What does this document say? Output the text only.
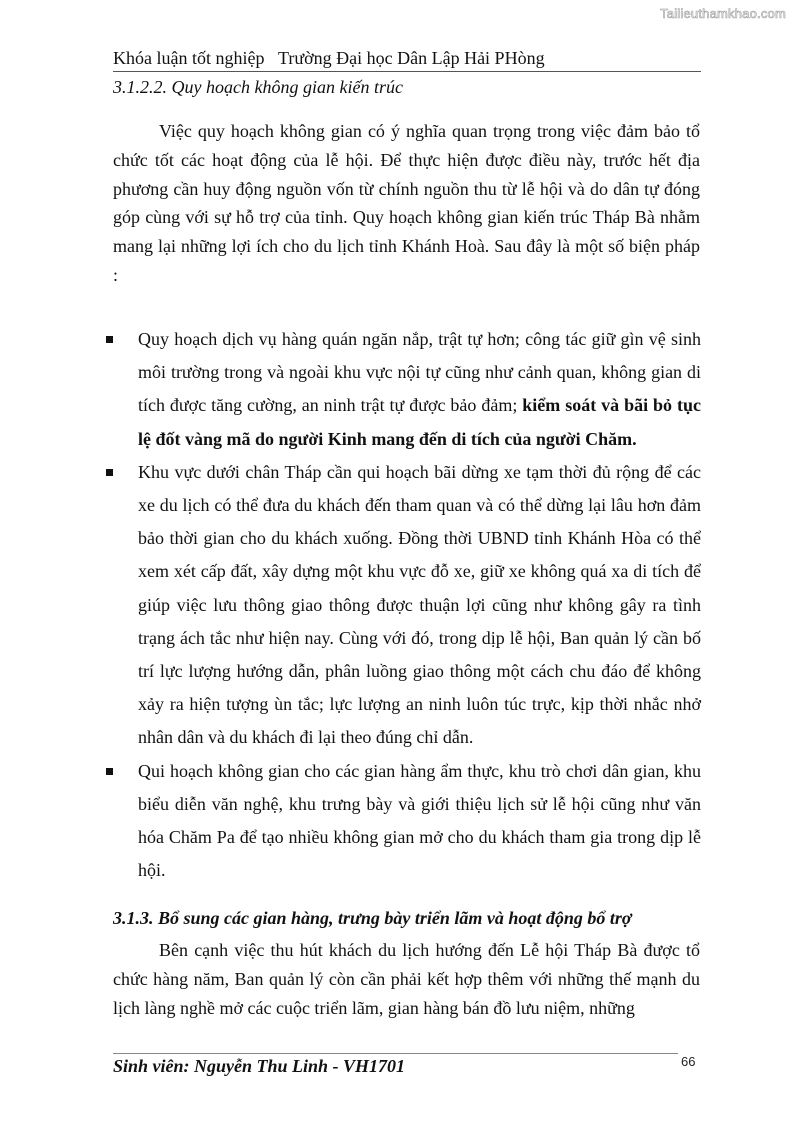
Tailieuthamkhao.com
Khóa luận tốt nghiệp Trường Đại học Dân Lập Hải PHòng
3.1.2.2. Quy hoạch không gian kiến trúc

Việc quy hoạch không gian có ý nghĩa quan trọng trong việc đảm bảo tổ chức tốt các hoạt động của lễ hội. Để thực hiện được điều này, trước hết địa phương cần huy động nguồn vốn từ chính nguồn thu từ lễ hội và do dân tự đóng góp cùng với sự hỗ trợ của tỉnh. Quy hoạch không gian kiến trúc Tháp Bà nhằm mang lại những lợi ích cho du lịch tỉnh Khánh Hoà. Sau đây là một số biện pháp :

Quy hoạch dịch vụ hàng quán ngăn nắp, trật tự hơn; công tác giữ gìn vệ sinh môi trường trong và ngoài khu vực nội tự cũng như cảnh quan, không gian di tích được tăng cường, an ninh trật tự được bảo đảm; kiểm soát và bãi bỏ tục lệ đốt vàng mã do người Kinh mang đến di tích của người Chăm.
Khu vực dưới chân Tháp cần qui hoạch bãi dừng xe tạm thời đủ rộng để các xe du lịch có thể đưa du khách đến tham quan và có thể dừng lại lâu hơn đảm bảo thời gian cho du khách xuống. Đồng thời UBND tỉnh Khánh Hòa có thể xem xét cấp đất, xây dựng một khu vực đỗ xe, giữ xe không quá xa di tích để giúp việc lưu thông giao thông được thuận lợi cũng như không gây ra tình trạng ách tắc như hiện nay. Cùng với đó, trong dịp lễ hội, Ban quản lý cần bố trí lực lượng hướng dẫn, phân luồng giao thông một cách chu đáo để không xảy ra hiện tượng ùn tắc; lực lượng an ninh luôn túc trực, kịp thời nhắc nhở nhân dân và du khách đi lại theo đúng chỉ dẫn.
Qui hoạch không gian cho các gian hàng ẩm thực, khu trò chơi dân gian, khu biểu diễn văn nghệ, khu trưng bày và giới thiệu lịch sử lễ hội cũng như văn hóa Chăm Pa để tạo nhiều không gian mở cho du khách tham gia trong dịp lễ hội.
3.1.3. Bổ sung các gian hàng, trưng bày triển lãm và hoạt động bổ trợ

Bên cạnh việc thu hút khách du lịch hướng đến Lễ hội Tháp Bà được tổ chức hàng năm, Ban quản lý còn cần phải kết hợp thêm với những thế mạnh du lịch làng nghề mở các cuộc triển lãm, gian hàng bán đồ lưu niệm, những

Sinh viên: Nguyễn Thu Linh - VH1701	66
